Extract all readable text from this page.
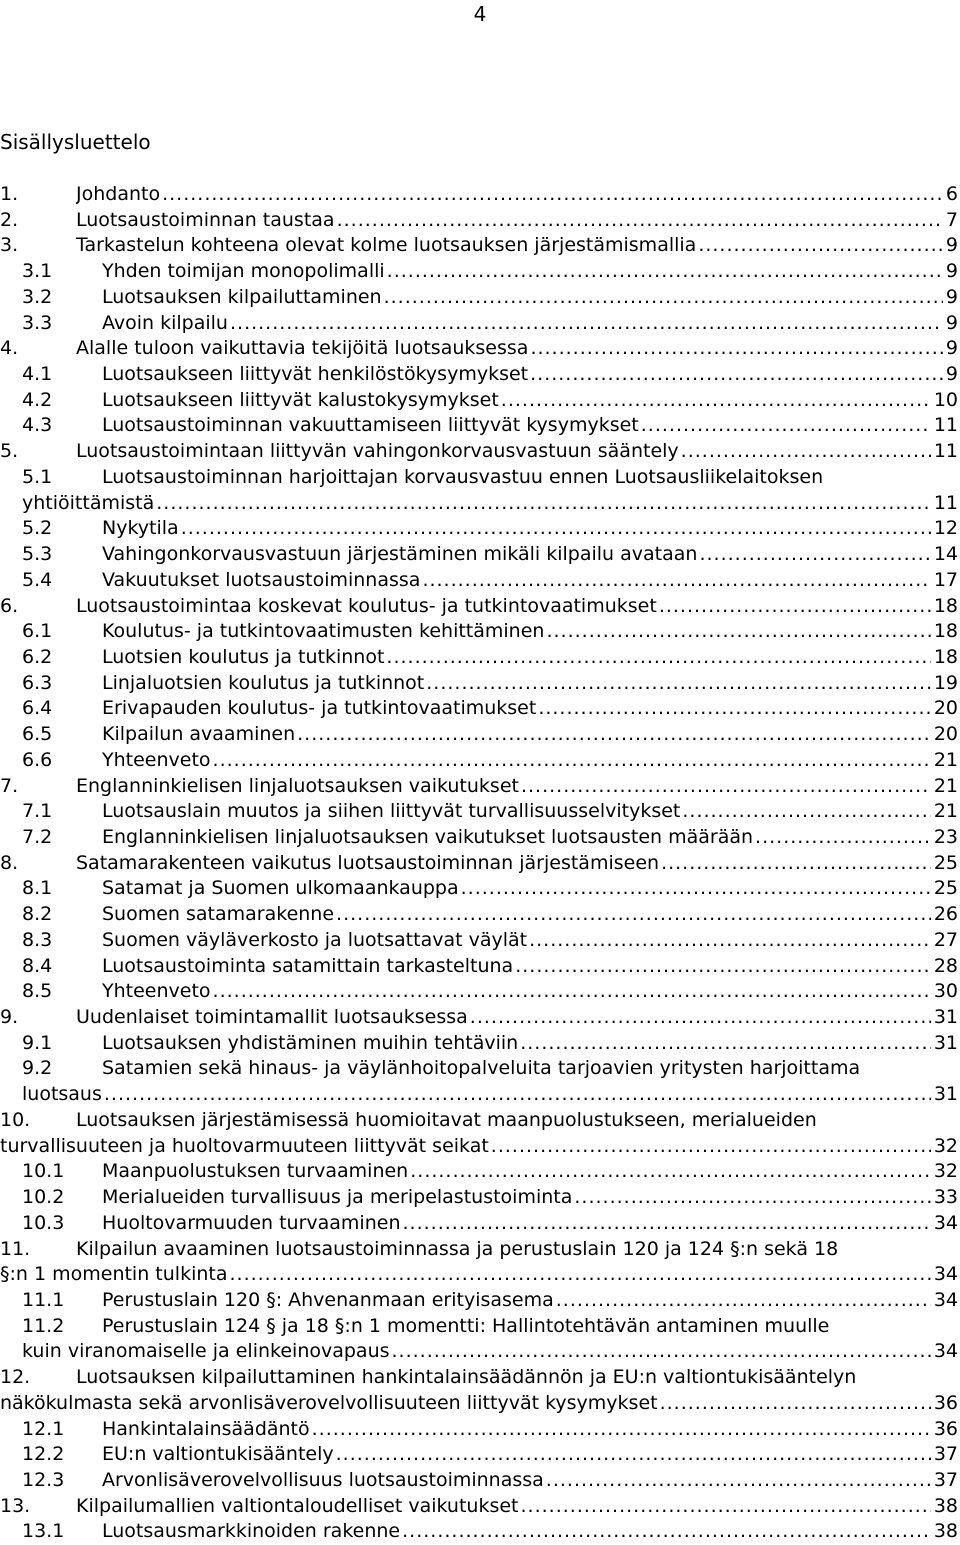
4
Sisällysluettelo
1.	Johdanto .....	6
2.	Luotsaustoiminnan taustaa .....	7
3.	Tarkastelun kohteena olevat kolme luotsauksen järjestämismallia .....	9
3.1	Yhden toimijan monopolimalli .....	9
3.2	Luotsauksen kilpailuttaminen .....	9
3.3	Avoin kilpailu .....	9
4.	Alalle tuloon vaikuttavia tekijöitä luotsauksessa .....	9
4.1	Luotsaukseen liittyvät henkilöstökysymykset .....	9
4.2	Luotsaukseen liittyvät kalustokysymykset .....	10
4.3	Luotsaustoiminnan vakuuttamiseen liittyvät kysymykset .....	11
5.	Luotsaustoimintaan liittyvän vahingonkorvausvastuun sääntely .....	11
5.1	Luotsaustoiminnan harjoittajan korvausvastuu ennen Luotsausliikelaitoksen
yhtiöittämistä .....	11
5.2	Nykytila .....	12
5.3	Vahingonkorvausvastuun järjestäminen mikäli kilpailu avataan .....	14
5.4	Vakuutukset luotsaustoiminnassa .....	17
6.	Luotsaustoimintaa koskevat koulutus- ja tutkintovaatimukset .....	18
6.1	Koulutus- ja tutkintovaatimusten kehittäminen .....	18
6.2	Luotsien koulutus ja tutkinnot .....	18
6.3	Linjaluotsien koulutus ja tutkinnot .....	19
6.4	Erivapauden koulutus- ja tutkintovaatimukset .....	20
6.5	Kilpailun avaaminen .....	20
6.6	Yhteenveto .....	21
7.	Englanninkielisen linjaluotsauksen vaikutukset .....	21
7.1	Luotsauslain muutos ja siihen liittyvät turvallisuusselvitykset .....	21
7.2	Englanninkielisen linjaluotsauksen vaikutukset luotsausten määrään .....	23
8.	Satamarakenteen vaikutus luotsaustoiminnan järjestämiseen .....	25
8.1	Satamat ja Suomen ulkomaankauppa .....	25
8.2	Suomen satamarakenne .....	26
8.3	Suomen väyläverkosto ja luotsattavat väylät .....	27
8.4	Luotsaustoiminta satamittain tarkasteltuna .....	28
8.5	Yhteenveto .....	30
9.	Uudenlaiset toimintamallit luotsauksessa .....	31
9.1	Luotsauksen yhdistäminen muihin tehtäviin .....	31
9.2	Satamien sekä hinaus- ja väylänhoitopalveluita tarjoavien yritysten harjoittama
luotsaus .....	31
10. Luotsauksen järjestämisessä huomioitavat maanpuolustukseen, merialueiden
turvallisuuteen ja huoltovarmuuteen liittyvät seikat .....	32
10.1 Maanpuolustuksen turvaaminen .....	32
10.2 Merialueiden turvallisuus ja meripelastustoiminta .....	33
10.3 Huoltovarmuuden turvaaminen .....	34
11. Kilpailun avaaminen luotsaustoiminnassa ja perustuslain 120 ja 124 §:n sekä 18
§:n 1 momentin tulkinta .....	34
11.1 Perustuslain 120 §: Ahvenanmaan erityisasema .....	34
11.2 Perustuslain 124 § ja 18 §:n 1 momentti: Hallintotehtävän antaminen muulle
kuin viranomaiselle ja elinkeinovapaus .....	34
12. Luotsauksen kilpailuttaminen hankintalainsäädännön ja EU:n valtiontukisääntelyn
näkökulmasta sekä arvonlisäverovelvollisuuteen liittyvät kysymykset .....	36
12.1 Hankintalainsäädäntö .....	36
12.2 EU:n valtiontukisääntely .....	37
12.3 Arvonlisäverovelvollisuus luotsaustoiminnassa .....	37
13. Kilpailumallien valtiontaloudelliset vaikutukset .....	38
13.1 Luotsausmarkkinoiden rakenne .....	38
